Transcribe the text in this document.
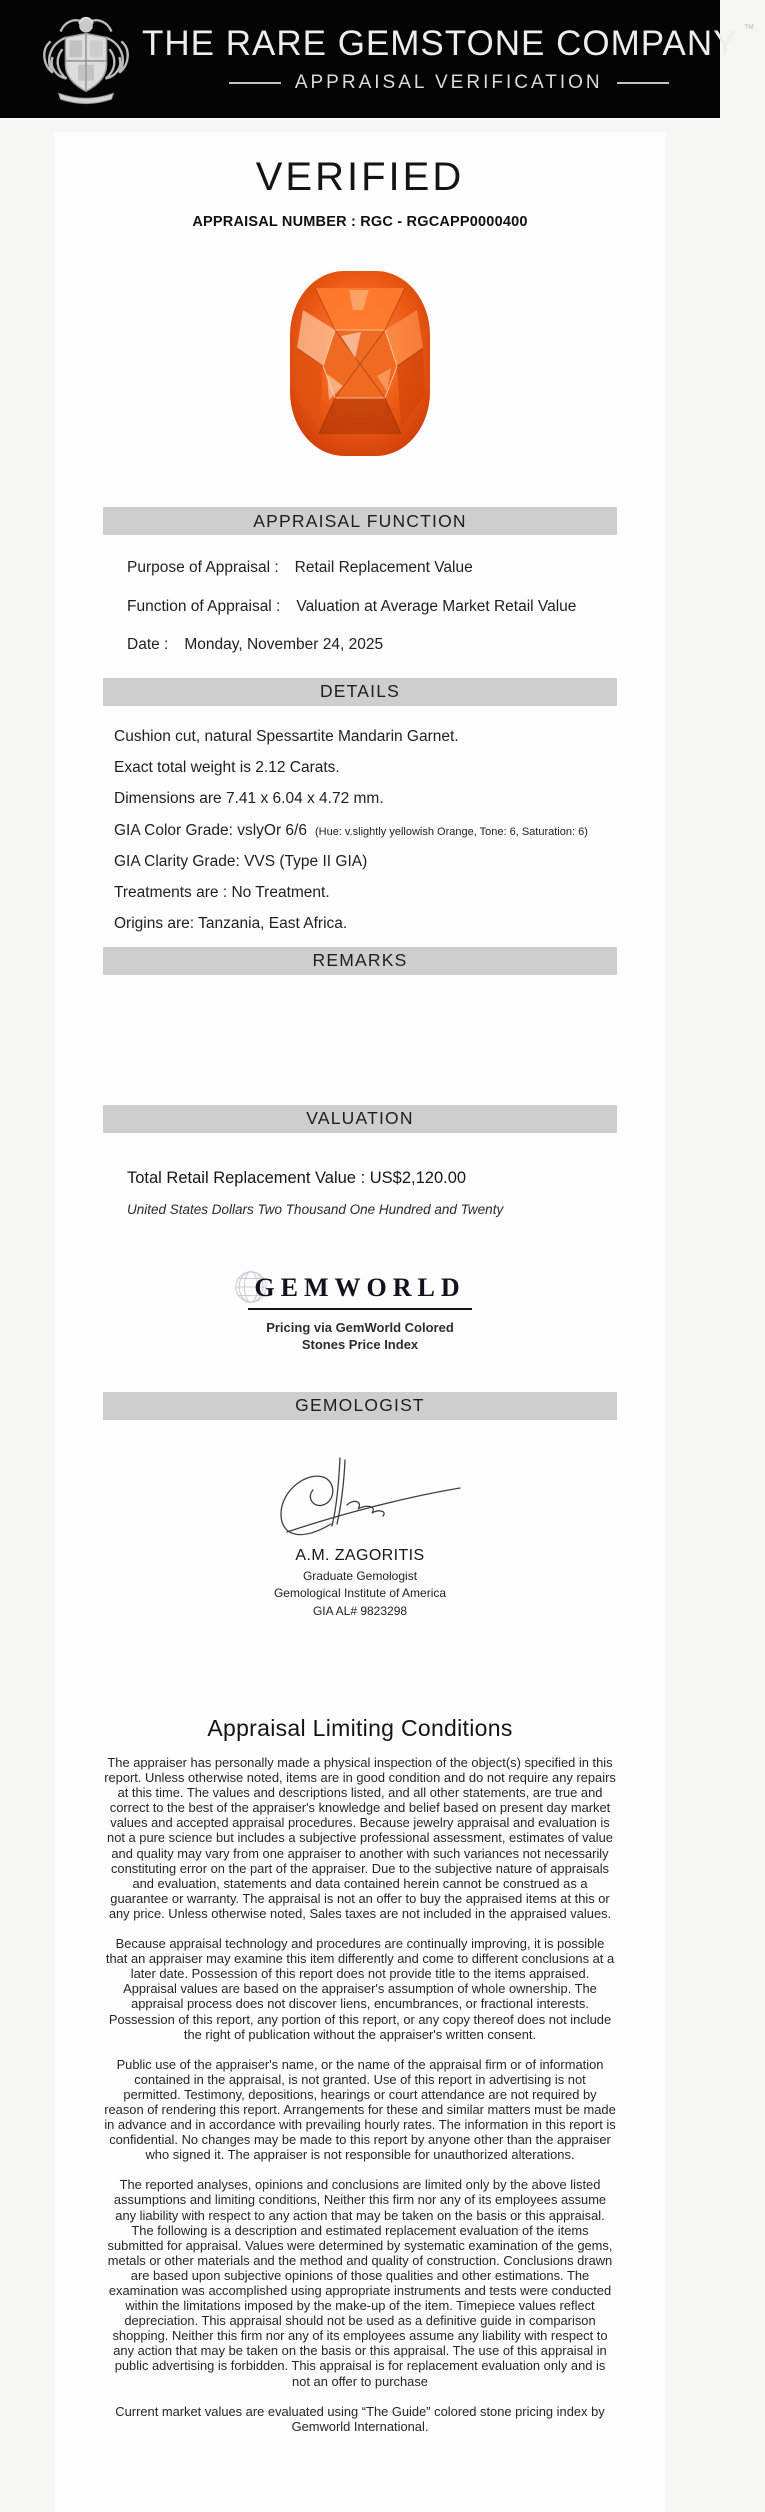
THE RARE GEMSTONE COMPANY ™
APPRAISAL VERIFICATION
VERIFIED
APPRAISAL NUMBER : RGC - RGCAPP0000400
APPRAISAL FUNCTION
Purpose of Appraisal : Retail Replacement Value
Function of Appraisal : Valuation at Average Market Retail Value
Date : Monday, November 24, 2025
DETAILS
Cushion cut, natural Spessartite Mandarin Garnet.
Exact total weight is 2.12 Carats.
Dimensions are 7.41 x 6.04 x 4.72 mm.
GIA Color Grade: vslyOr 6/6 (Hue: v.slightly yellowish Orange, Tone: 6, Saturation: 6)
GIA Clarity Grade: VVS (Type II GIA)
Treatments are : No Treatment.
Origins are: Tanzania, East Africa.
REMARKS
VALUATION
Total Retail Replacement Value : US$2,120.00
United States Dollars Two Thousand One Hundred and Twenty
GEMWORLD
Pricing via GemWorld Colored
Stones Price Index
GEMOLOGIST
A.M. ZAGORITIS
Graduate Gemologist
Gemological Institute of America
GIA AL# 9823298
Appraisal Limiting Conditions

The appraiser has personally made a physical inspection of the object(s) specified in this report. Unless otherwise noted, items are in good condition and do not require any repairs at this time. The values and descriptions listed, and all other statements, are true and correct to the best of the appraiser's knowledge and belief based on present day market values and accepted appraisal procedures. Because jewelry appraisal and evaluation is not a pure science but includes a subjective professional assessment, estimates of value and quality may vary from one appraiser to another with such variances not necessarily constituting error on the part of the appraiser. Due to the subjective nature of appraisals and evaluation, statements and data contained herein cannot be construed as a guarantee or warranty. The appraisal is not an offer to buy the appraised items at this or any price. Unless otherwise noted, Sales taxes are not included in the appraised values.

Because appraisal technology and procedures are continually improving, it is possible that an appraiser may examine this item differently and come to different conclusions at a later date. Possession of this report does not provide title to the items appraised. Appraisal values are based on the appraiser's assumption of whole ownership. The appraisal process does not discover liens, encumbrances, or fractional interests. Possession of this report, any portion of this report, or any copy thereof does not include the right of publication without the appraiser's written consent.

Public use of the appraiser's name, or the name of the appraisal firm or of information contained in the appraisal, is not granted. Use of this report in advertising is not permitted. Testimony, depositions, hearings or court attendance are not required by reason of rendering this report. Arrangements for these and similar matters must be made in advance and in accordance with prevailing hourly rates. The information in this report is confidential. No changes may be made to this report by anyone other than the appraiser who signed it. The appraiser is not responsible for unauthorized alterations.

The reported analyses, opinions and conclusions are limited only by the above listed assumptions and limiting conditions, Neither this firm nor any of its employees assume any liability with respect to any action that may be taken on the basis or this appraisal. The following is a description and estimated replacement evaluation of the items submitted for appraisal. Values were determined by systematic examination of the gems, metals or other materials and the method and quality of construction. Conclusions drawn are based upon subjective opinions of those qualities and other estimations. The examination was accomplished using appropriate instruments and tests were conducted within the limitations imposed by the make-up of the item. Timepiece values reflect depreciation. This appraisal should not be used as a definitive guide in comparison shopping. Neither this firm nor any of its employees assume any liability with respect to any action that may be taken on the basis or this appraisal. The use of this appraisal in public advertising is forbidden. This appraisal is for replacement evaluation only and is not an offer to purchase

Current market values are evaluated using “The Guide” colored stone pricing index by Gemworld International.
